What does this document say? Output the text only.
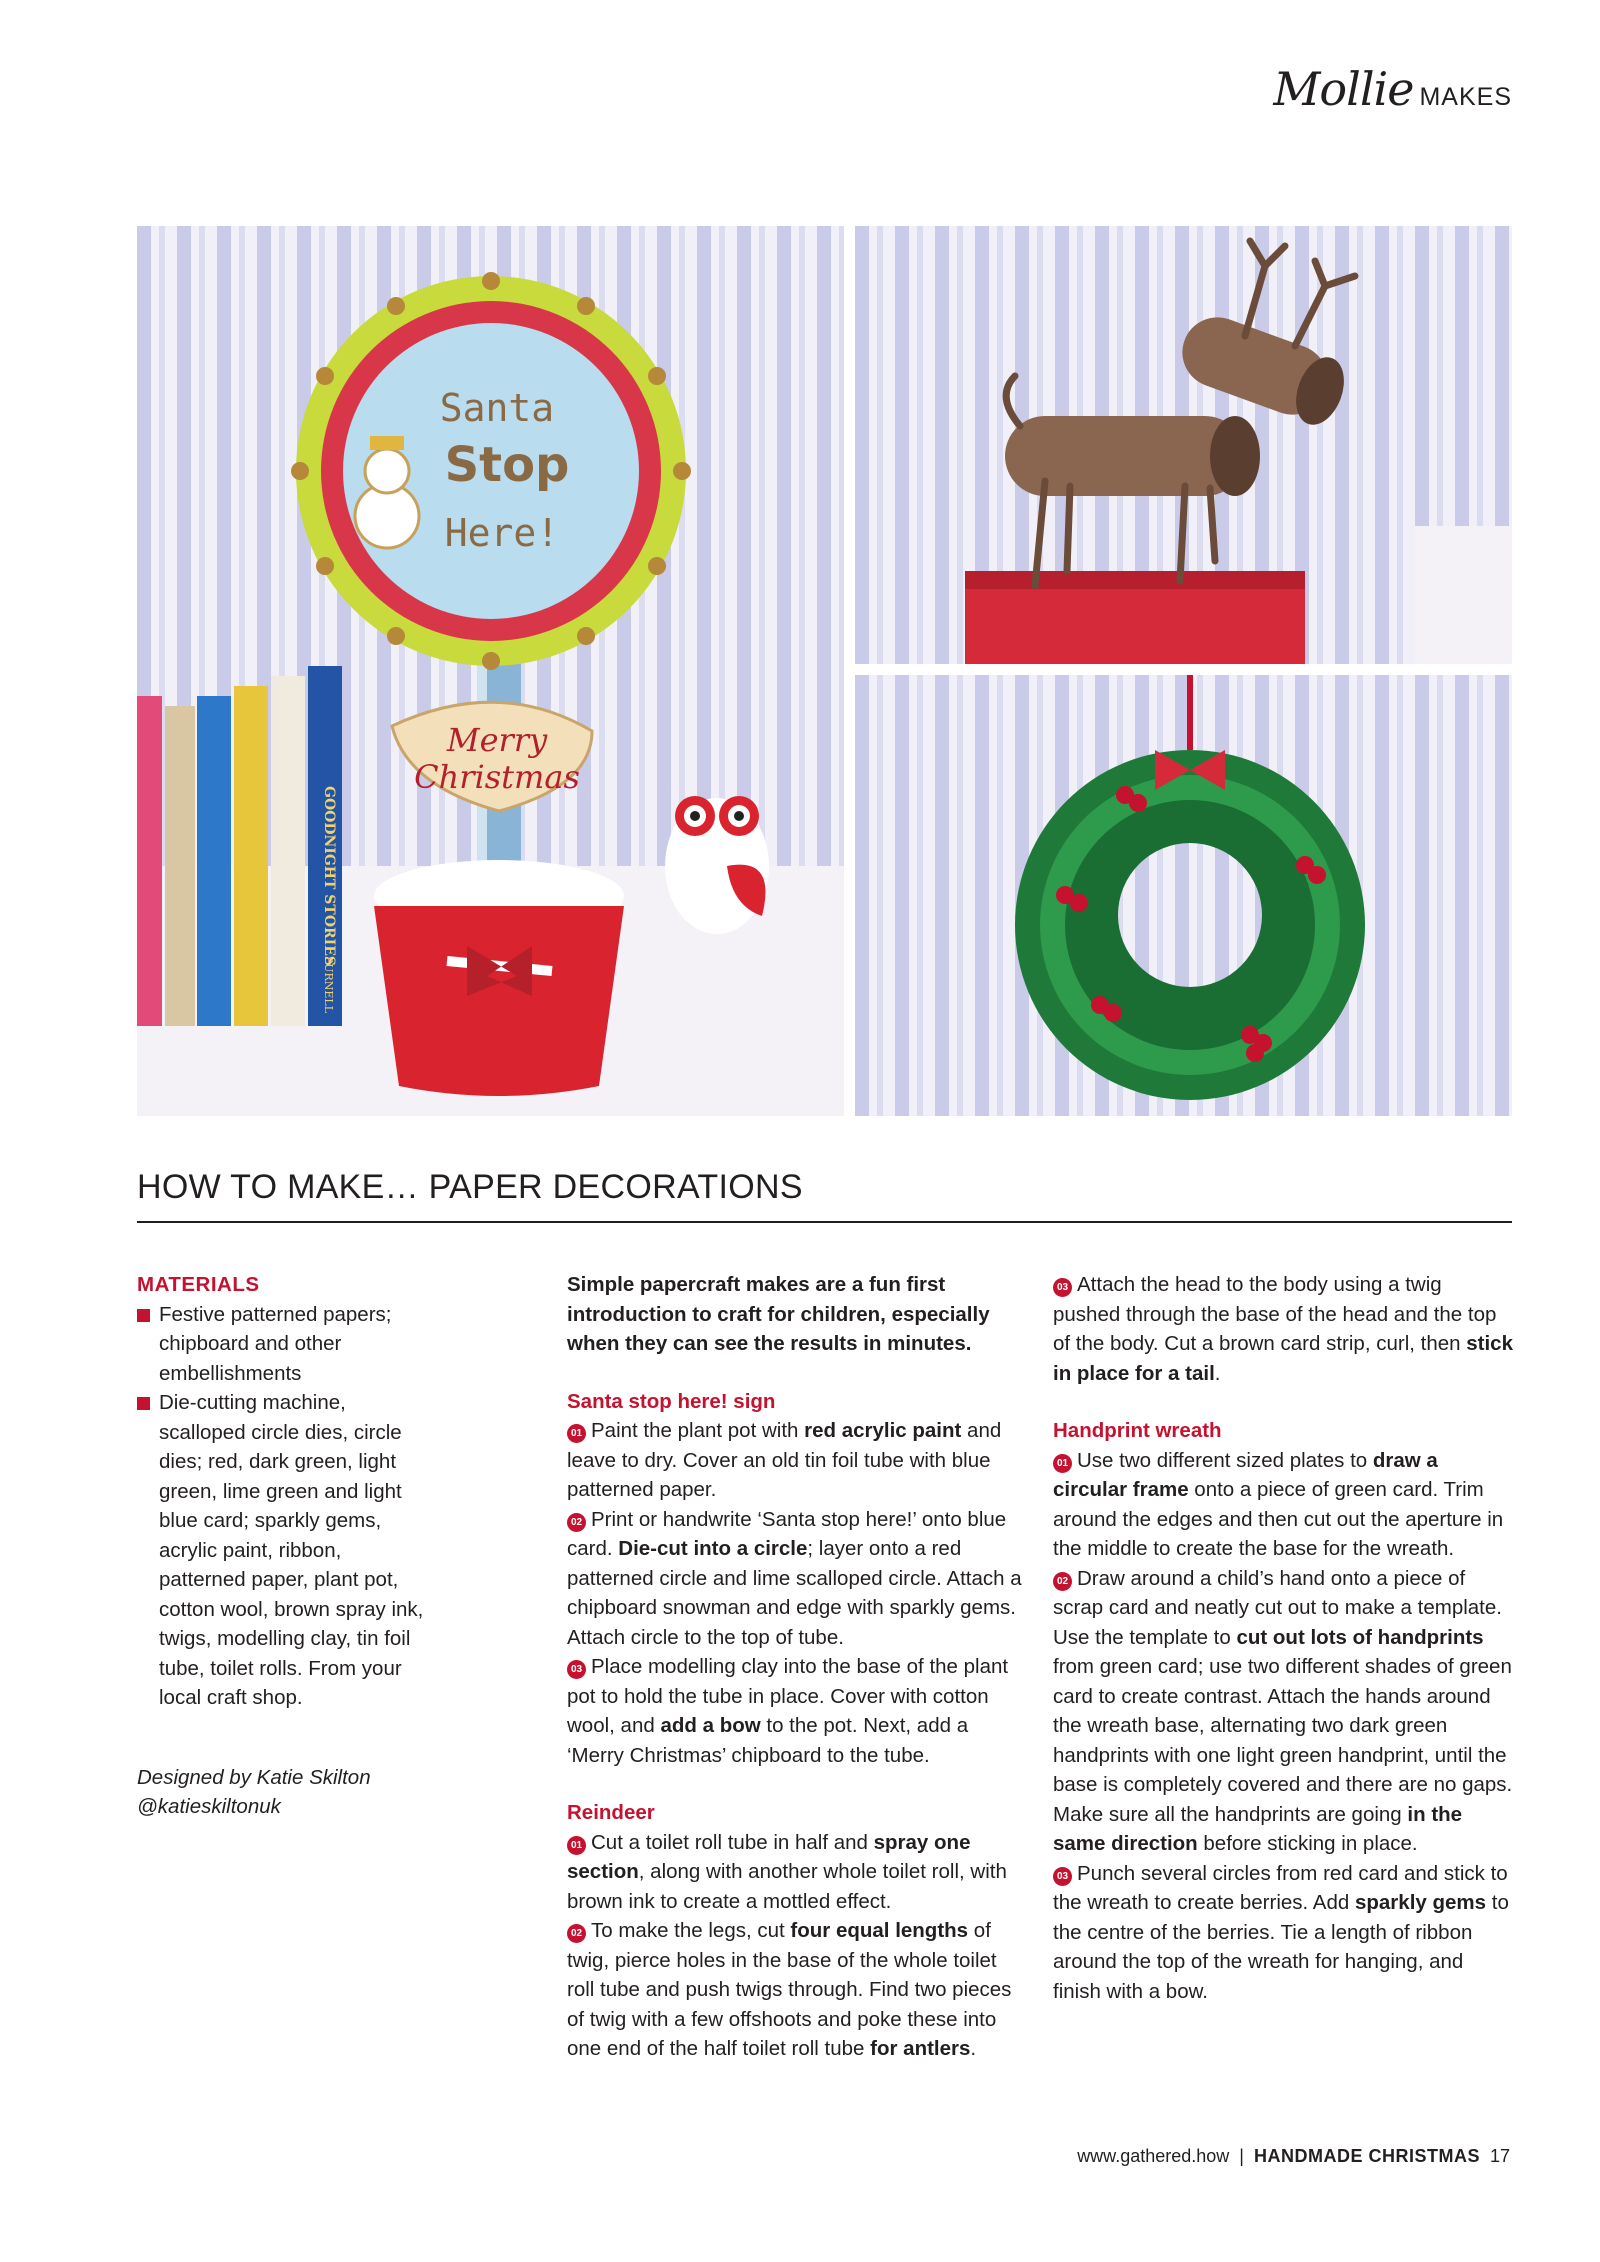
Mollie MAKES
GOODNIGHT STORIES
PURNELL
Santa
Stop
Here!
Merry
Christmas
HOW TO MAKE… PAPER DECORATIONS
MATERIALS
Festive patterned papers; chipboard and other embellishments
Die-cutting machine, scalloped circle dies, circle dies; red, dark green, light green, lime green and light blue card; sparkly gems, acrylic paint, ribbon, patterned paper, plant pot, cotton wool, brown spray ink, twigs, modelling clay, tin foil tube, toilet rolls. From your local craft shop.
Designed by Katie Skilton
@katieskiltonuk

Simple papercraft makes are a fun first introduction to craft for children, especially when they can see the results in minutes.

Santa stop here! sign

01 Paint the plant pot with red acrylic paint and leave to dry. Cover an old tin foil tube with blue patterned paper.

02 Print or handwrite ‘Santa stop here!’ onto blue card. Die-cut into a circle; layer onto a red patterned circle and lime scalloped circle. Attach a chipboard snowman and edge with sparkly gems. Attach circle to the top of tube.

03 Place modelling clay into the base of the plant pot to hold the tube in place. Cover with cotton wool, and add a bow to the pot. Next, add a ‘Merry Christmas’ chipboard to the tube.

Reindeer

01 Cut a toilet roll tube in half and spray one section, along with another whole toilet roll, with brown ink to create a mottled effect.

02 To make the legs, cut four equal lengths of twig, pierce holes in the base of the whole toilet roll tube and push twigs through. Find two pieces of twig with a few offshoots and poke these into one end of the half toilet roll tube for antlers.

03 Attach the head to the body using a twig pushed through the base of the head and the top of the body. Cut a brown card strip, curl, then stick in place for a tail.

Handprint wreath

01 Use two different sized plates to draw a circular frame onto a piece of green card. Trim around the edges and then cut out the aperture in the middle to create the base for the wreath.

02 Draw around a child’s hand onto a piece of scrap card and neatly cut out to make a template. Use the template to cut out lots of handprints from green card; use two different shades of green card to create contrast. Attach the hands around the wreath base, alternating two dark green handprints with one light green handprint, until the base is completely covered and there are no gaps. Make sure all the handprints are going in the same direction before sticking in place.

03 Punch several circles from red card and stick to the wreath to create berries. Add sparkly gems to the centre of the berries. Tie a length of ribbon around the top of the wreath for hanging, and finish with a bow.

www.gathered.how | HANDMADE CHRISTMAS 17
